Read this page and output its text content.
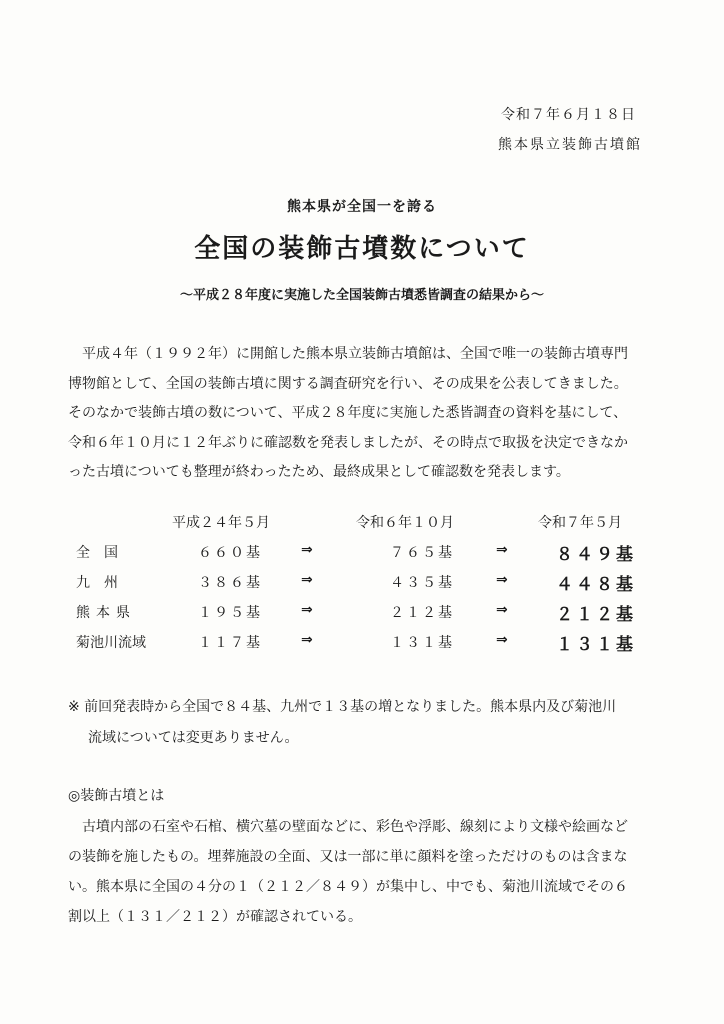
令和７年６月１８日
熊本県立装飾古墳館
熊本県が全国一を誇る
全国の装飾古墳数について
～平成２８年度に実施した全国装飾古墳悉皆調査の結果から～

　平成４年（１９９２年）に開館した熊本県立装飾古墳館は、全国で唯一の装飾古墳専門

博物館として、全国の装飾古墳に関する調査研究を行い、その成果を公表してきました。

そのなかで装飾古墳の数について、平成２８年度に実施した悉皆調査の資料を基にして、

令和６年１０月に１２年ぶりに確認数を発表しましたが、その時点で取扱を決定できなか

った古墳についても整理が終わったため、最終成果として確認数を発表します。

平成２４年５月	令和６年１０月	令和７年５月
全国	６６０基	⇒	７６５基	⇒	８４９基
九州	３８６基	⇒	４３５基	⇒	４４８基
熊本県	１９５基	⇒	２１２基	⇒	２１２基
菊池川流域	１１７基	⇒	１３１基	⇒	１３１基

※ 前回発表時から全国で８４基、九州で１３基の増となりました。熊本県内及び菊池川

流域については変更ありません。

◎装飾古墳とは

　古墳内部の石室や石棺、横穴墓の壁面などに、彩色や浮彫、線刻により文様や絵画など

の装飾を施したもの。埋葬施設の全面、又は一部に単に顔料を塗っただけのものは含まな

い。熊本県に全国の４分の１（２１２／８４９）が集中し、中でも、菊池川流域でその６

割以上（１３１／２１２）が確認されている。
